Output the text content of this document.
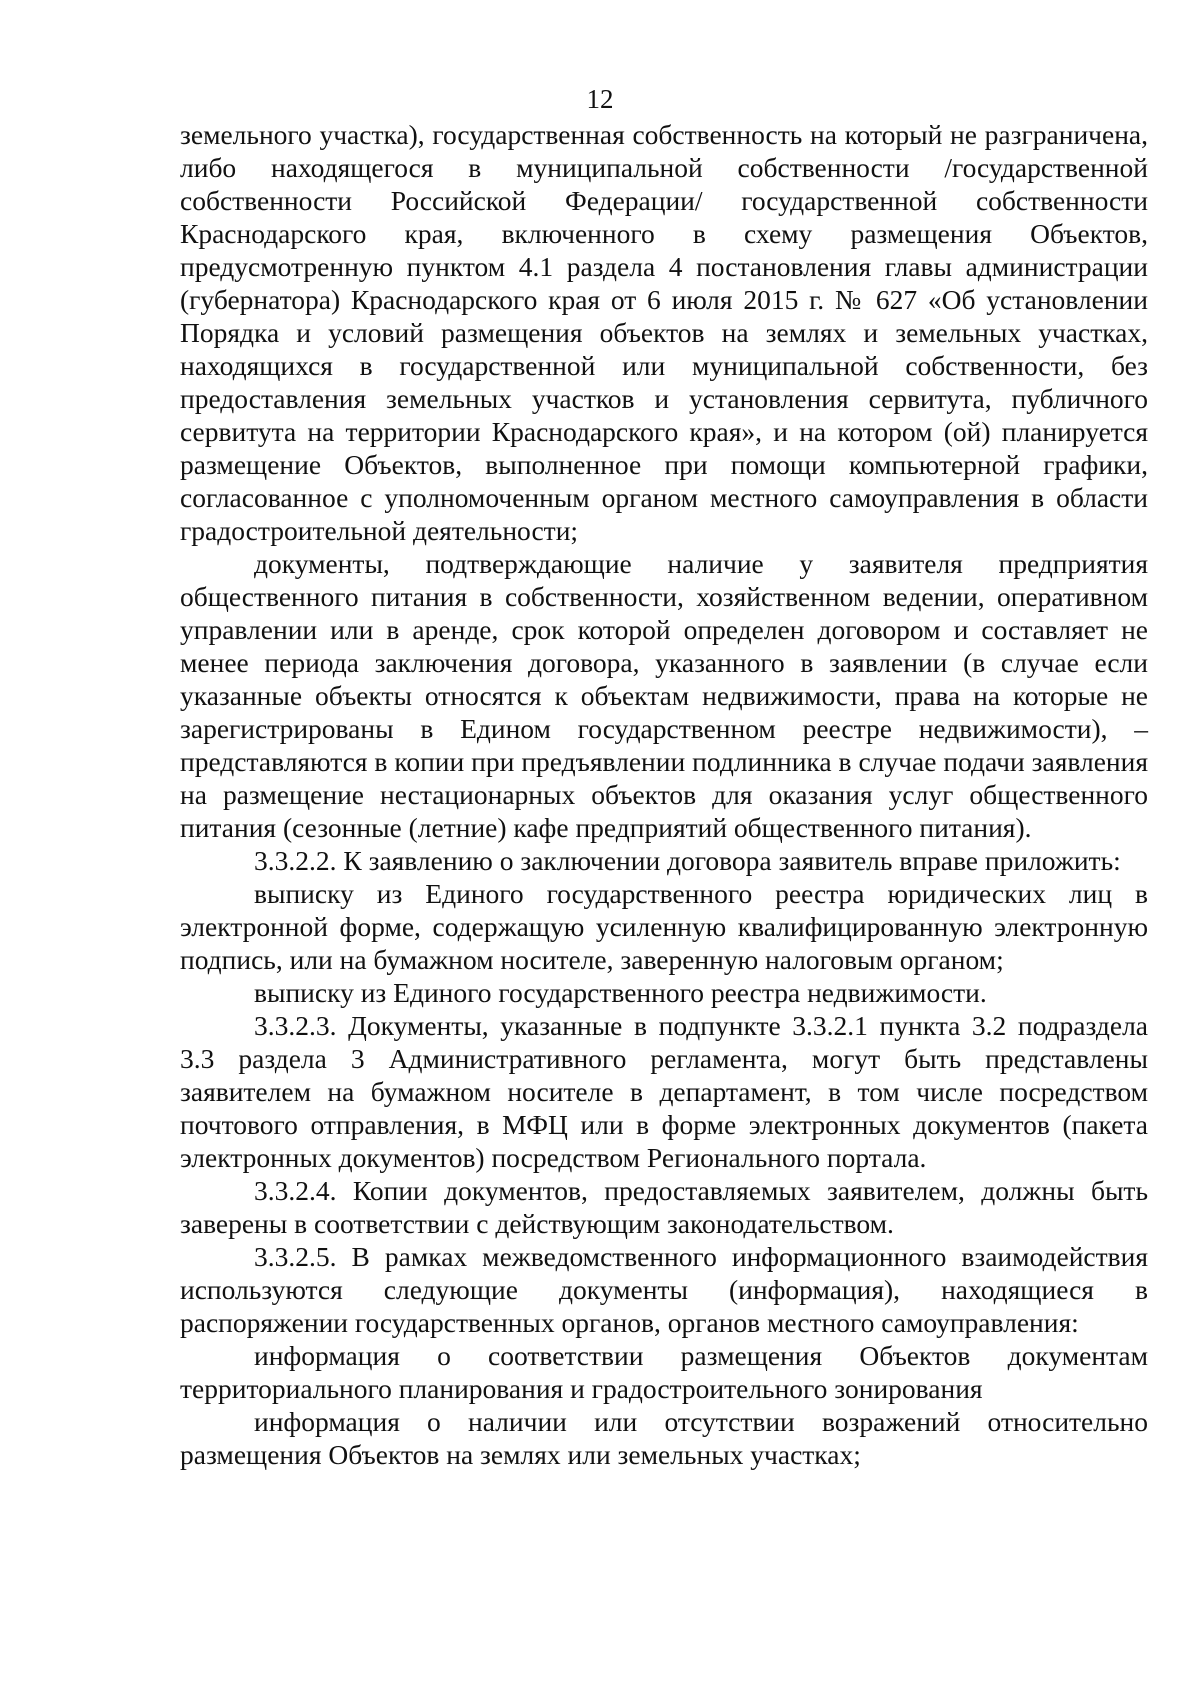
12

земельного участка), государственная собственность на который не разграничена, либо находящегося в муниципальной собственности /государственной собственности Российской Федерации/ государственной собственности Краснодарского края, включенного в схему размещения Объектов, предусмотренную пунктом 4.1 раздела 4 постановления главы администрации (губернатора) Краснодарского края от 6 июля 2015 г. № 627 «Об установлении Порядка и условий размещения объектов на землях и земельных участках, находящихся в государственной или муниципальной собственности, без предоставления земельных участков и установления сервитута, публичного сервитута на территории Краснодарского края», и на котором (ой) планируется размещение Объектов, выполненное при помощи компьютерной графики, согласованное с уполномоченным органом местного самоуправления в области градостроительной деятельности;

документы, подтверждающие наличие у заявителя предприятия общественного питания в собственности, хозяйственном ведении, оперативном управлении или в аренде, срок которой определен договором и составляет не менее периода заключения договора, указанного в заявлении (в случае если указанные объекты относятся к объектам недвижимости, права на которые не зарегистрированы в Едином государственном реестре недвижимости), – представляются в копии при предъявлении подлинника в случае подачи заявления на размещение нестационарных объектов для оказания услуг общественного питания (сезонные (летние) кафе предприятий общественного питания).

3.3.2.2. К заявлению о заключении договора заявитель вправе приложить:

выписку из Единого государственного реестра юридических лиц в электронной форме, содержащую усиленную квалифицированную электронную подпись, или на бумажном носителе, заверенную налоговым органом;

выписку из Единого государственного реестра недвижимости.

3.3.2.3. Документы, указанные в подпункте 3.3.2.1 пункта 3.2 подраздела 3.3 раздела 3 Административного регламента, могут быть представлены заявителем на бумажном носителе в департамент, в том числе посредством почтового отправления, в МФЦ или в форме электронных документов (пакета электронных документов) посредством Регионального портала.

3.3.2.4. Копии документов, предоставляемых заявителем, должны быть заверены в соответствии с действующим законодательством.

3.3.2.5. В рамках межведомственного информационного взаимодействия используются следующие документы (информация), находящиеся в распоряжении государственных органов, органов местного самоуправления:

информация о соответствии размещения Объектов документам территориального планирования и градостроительного зонирования

информация о наличии или отсутствии возражений относительно размещения Объектов на землях или земельных участках;
